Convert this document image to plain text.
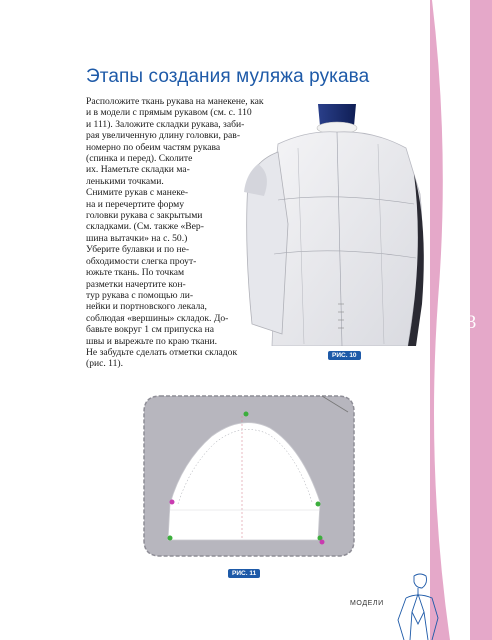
173
Этапы создания муляжа рукава
Расположите ткань рукава на манекене, как
и в модели с прямым рукавом (см. с. 110
и 111). Заложите складки рукава, заби-
рая увеличенную длину головки, рав-
номерно по обеим частям рукава
(спинка и перед). Сколите
их. Наметьте складки ма-
ленькими точками.
Снимите рукав с манеке-
на и перечертите форму
головки рукава с закрытыми
складками. (См. также «Вер-
шина вытачки» на с. 50.)
Уберите булавки и по не-
обходимости слегка проут-
южьте ткань. По точкам
разметки начертите кон-
тур рукава с помощью ли-
нейки и портновского лекала,
соблюдая «вершины» складок. До-
бавьте вокруг 1 см припуска на
швы и вырежьте по краю ткани.
Не забудьте сделать отметки складок
(рис. 11).
РИС. 10
РИС. 11
МОДЕЛИ
